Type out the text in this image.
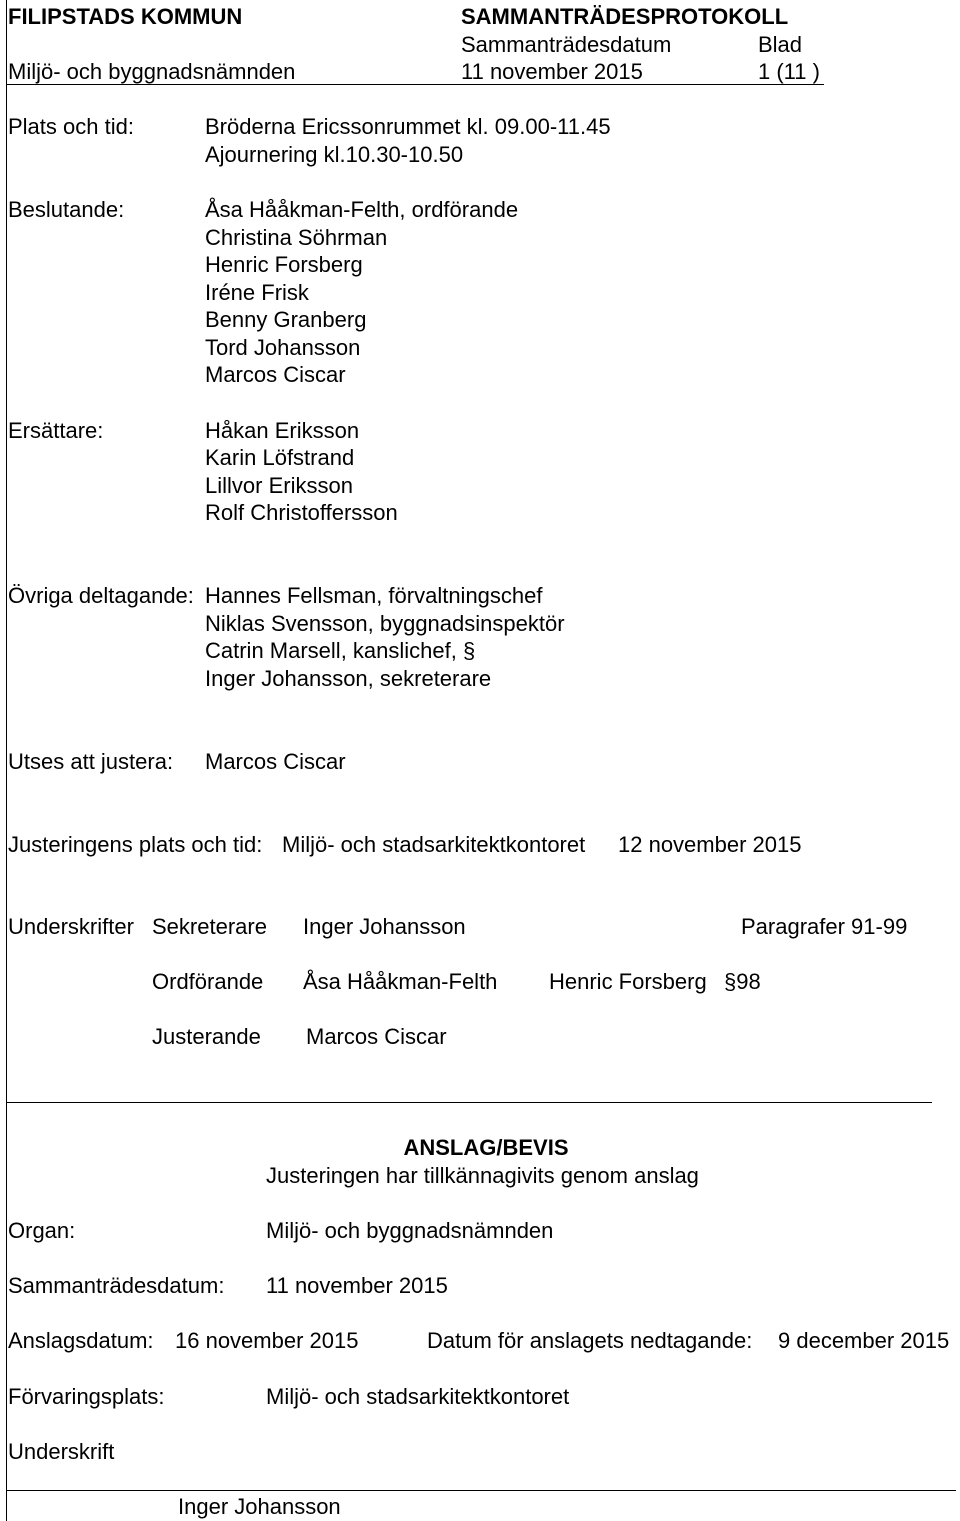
FILIPSTADS KOMMUN	SAMMANTRÄDESPROTOKOLL
Sammanträdesdatum	Blad
Miljö- och byggnadsnämnden	11 november 2015	1 (11 )
Plats och tid:	Bröderna Ericssonrummet kl. 09.00-11.45
Ajournering kl.10.30-10.50
Beslutande:	Åsa Hååkman-Felth, ordförande
Christina Söhrman
Henric Forsberg
Iréne Frisk
Benny Granberg
Tord Johansson
Marcos Ciscar
Ersättare:	Håkan Eriksson
Karin Löfstrand
Lillvor Eriksson
Rolf Christoffersson
Övriga deltagande: Hannes Fellsman, förvaltningschef
Niklas Svensson, byggnadsinspektör
Catrin Marsell, kanslichef, §
Inger Johansson, sekreterare
Utses att justera: Marcos Ciscar
Justeringens plats och tid: Miljö- och stadsarkitektkontoret 12 november 2015
Underskrifter Sekreterare Inger Johansson	Paragrafer 91-99
Ordförande Åsa Hååkman-Felth Henric Forsberg §98
Justerande Marcos Ciscar
ANSLAG/BEVIS
Justeringen har tillkännagivits genom anslag
Organ:	Miljö- och byggnadsnämnden
Sammanträdesdatum: 11 november 2015
Anslagsdatum: 16 november 2015	Datum för anslagets nedtagande: 9 december 2015
Förvaringsplats:	Miljö- och stadsarkitektkontoret
Underskrift
Inger Johansson
